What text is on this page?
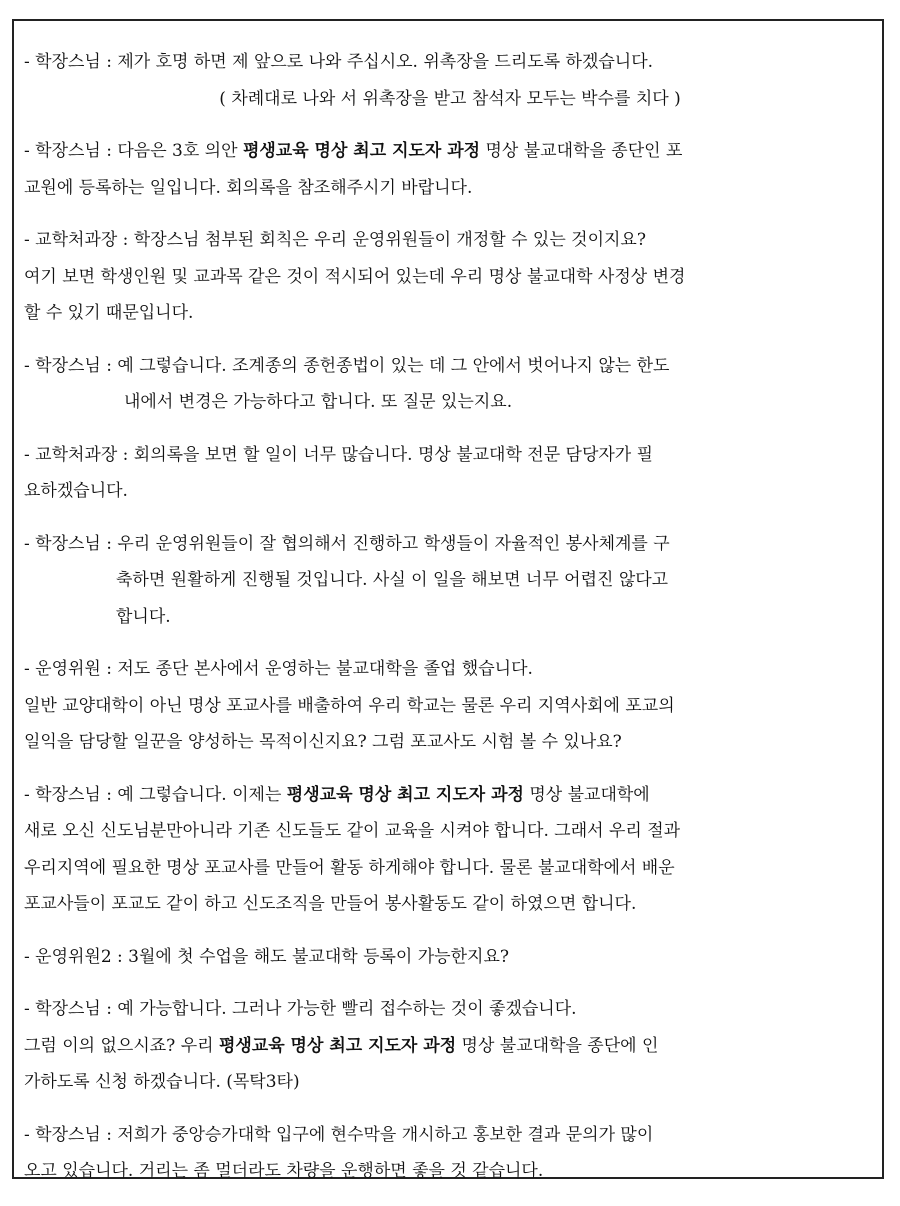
- 학장스님 : 제가 호명 하면 제 앞으로 나와 주십시오. 위촉장을 드리도록 하겠습니다.
( 차례대로 나와 서 위촉장을 받고 참석자 모두는 박수를 치다 )
- 학장스님 : 다음은 3호 의안 평생교육 명상 최고 지도자 과정 명상 불교대학을 종단인 포
교원에 등록하는 일입니다. 회의록을 참조해주시기 바랍니다.
- 교학처과장 : 학장스님 첨부된 회칙은 우리 운영위원들이 개정할 수 있는 것이지요?
여기 보면 학생인원 및 교과목 같은 것이 적시되어 있는데 우리 명상 불교대학 사정상 변경
할 수 있기 때문입니다.
- 학장스님 : 예 그렇습니다. 조계종의 종헌종법이 있는 데 그 안에서 벗어나지 않는 한도
내에서 변경은 가능하다고 합니다. 또 질문 있는지요.
- 교학처과장 : 회의록을 보면 할 일이 너무 많습니다. 명상 불교대학 전문 담당자가 필
요하겠습니다.
- 학장스님 : 우리 운영위원들이 잘 협의해서 진행하고 학생들이 자율적인 봉사체계를 구
축하면 원활하게 진행될 것입니다. 사실 이 일을 해보면 너무 어렵진 않다고
합니다.
- 운영위원 : 저도 종단 본사에서 운영하는 불교대학을 졸업 했습니다.
일반 교양대학이 아닌 명상 포교사를 배출하여 우리 학교는 물론 우리 지역사회에 포교의
일익을 담당할 일꾼을 양성하는 목적이신지요? 그럼 포교사도 시험 볼 수 있나요?
- 학장스님 : 예 그렇습니다. 이제는 평생교육 명상 최고 지도자 과정 명상 불교대학에
새로 오신 신도님분만아니라 기존 신도들도 같이 교육을 시켜야 합니다. 그래서 우리 절과
우리지역에 필요한 명상 포교사를 만들어 활동 하게해야 합니다. 물론 불교대학에서 배운
포교사들이 포교도 같이 하고 신도조직을 만들어 봉사활동도 같이 하였으면 합니다.
- 운영위원2 : 3월에 첫 수업을 해도 불교대학 등록이 가능한지요?
- 학장스님 : 예 가능합니다. 그러나 가능한 빨리 접수하는 것이 좋겠습니다.
그럼 이의 없으시죠? 우리 평생교육 명상 최고 지도자 과정 명상 불교대학을 종단에 인
가하도록 신청 하겠습니다. (목탁3타)
- 학장스님 : 저희가 중앙승가대학 입구에 현수막을 개시하고 홍보한 결과 문의가 많이
오고 있습니다. 거리는 좀 멀더라도 차량을 운행하면 좋을 것 같습니다.
